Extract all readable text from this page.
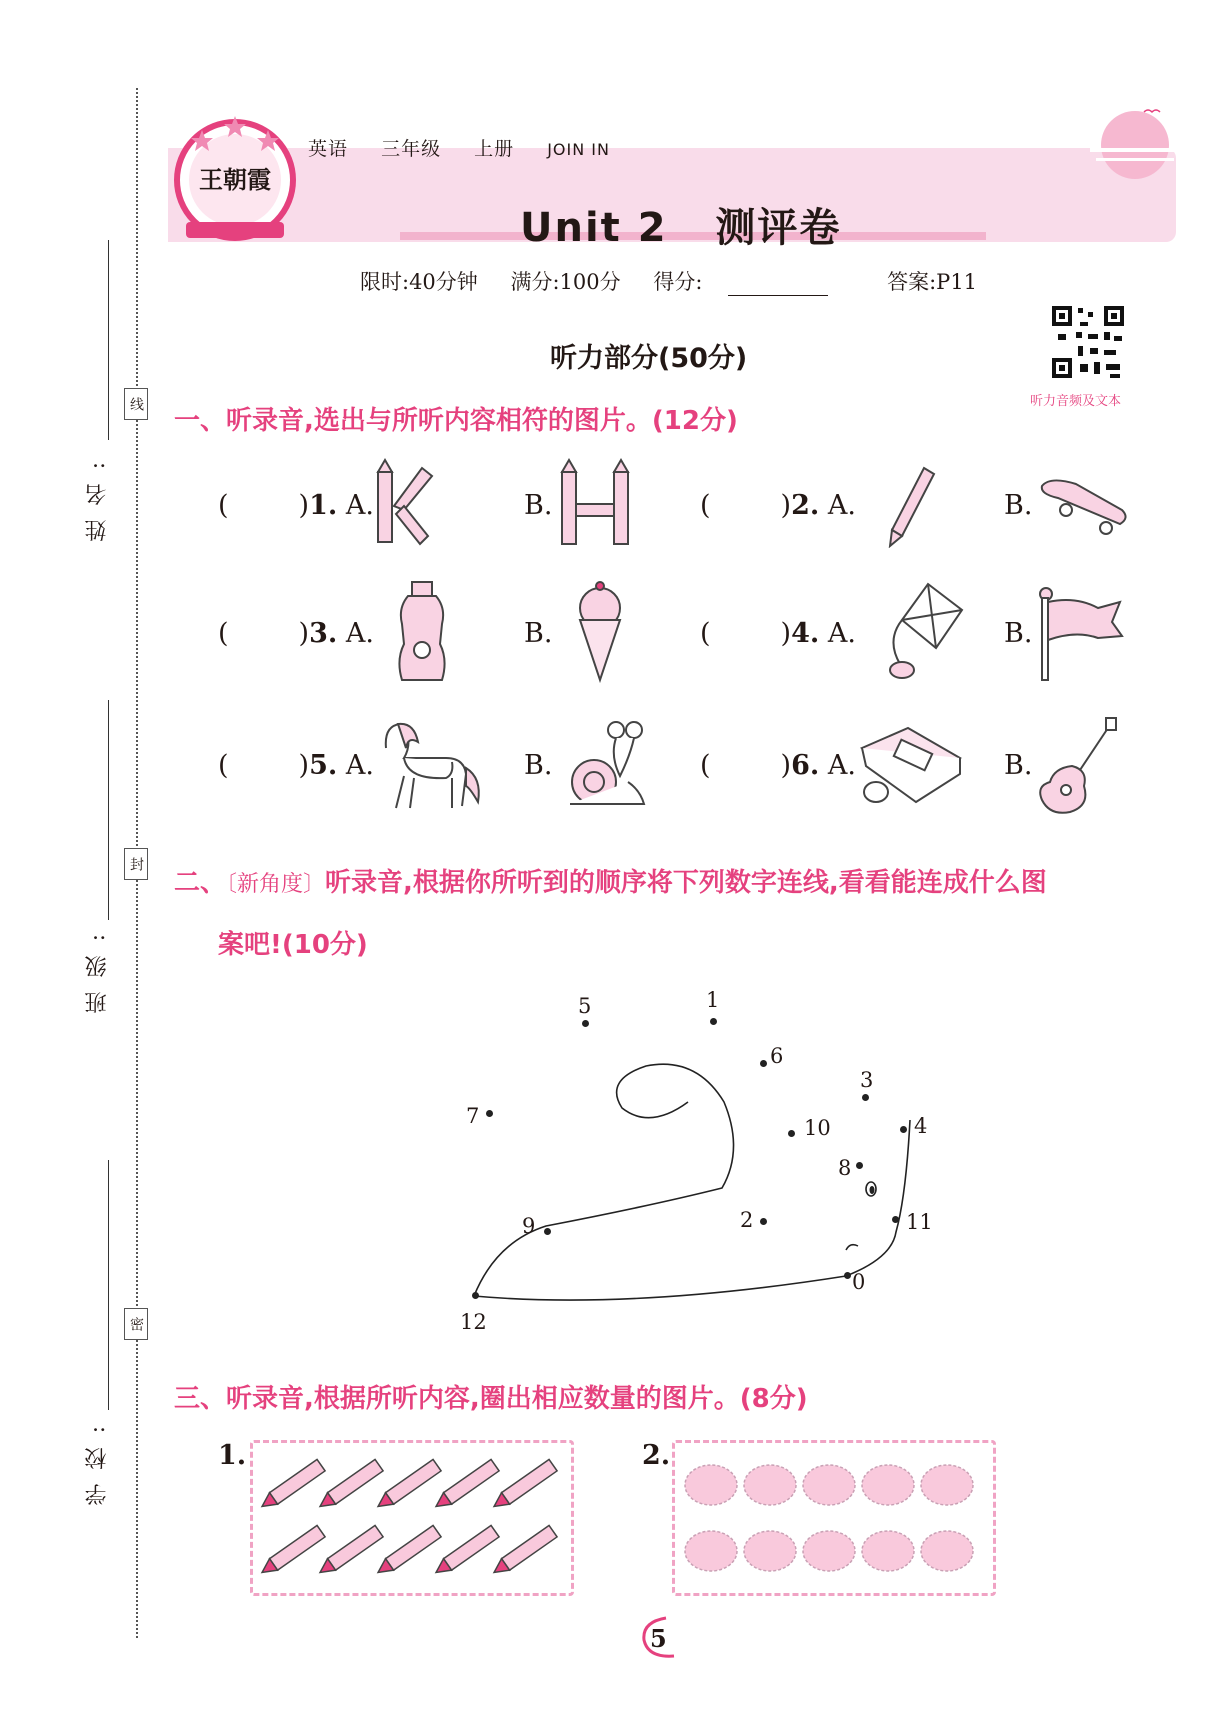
姓名:
班级:
学校:
线
封
密
王朝霞
英语 三年级 上册 JOIN IN
Unit 2   测评卷
限时:40分钟 满分:100分 得分:	答案:P11
听力音频及文本
听力部分(50分)
一、听录音,选出与所听内容相符的图片。(12分)
(	)1. A.	B.	(	)2. A.	B.
(	)3. A.	B.	(	)4. A.	B.
(	)5. A.	B.	(	)6. A.	B.
二、〔新角度〕听录音,根据你所听到的顺序将下列数字连线,看看能连成什么图
案吧!(10分)
5	1
6
3
7	10	4
8
2
9	11
0
12
三、听录音,根据所听内容,圈出相应数量的图片。(8分)
1.	2.
5
